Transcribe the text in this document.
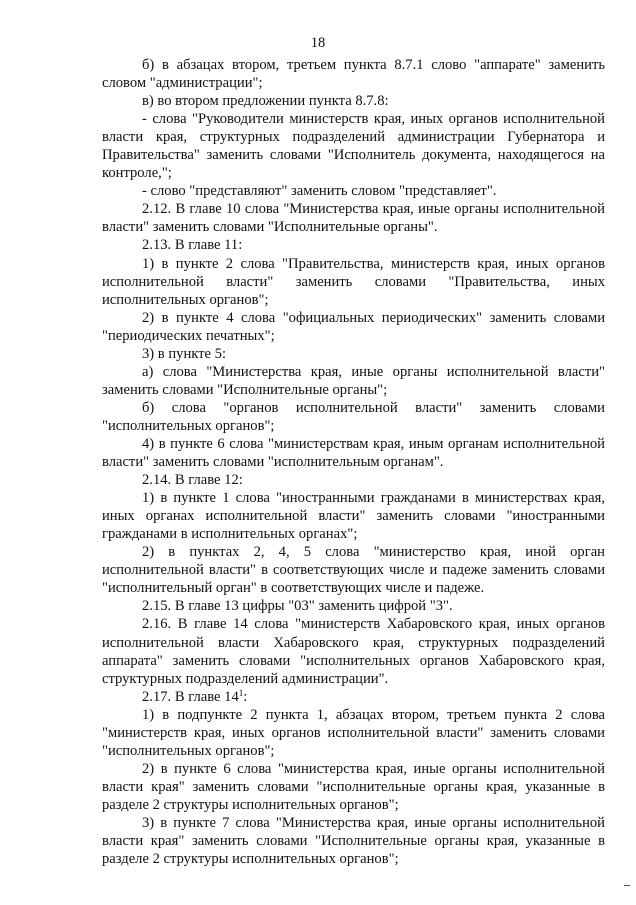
18

б) в абзацах втором, третьем пункта 8.7.1 слово "аппарате" заменить словом "администрации";

в) во втором предложении пункта 8.7.8:

- слова "Руководители министерств края, иных органов исполнительной власти края, структурных подразделений администрации Губернатора и Правительства" заменить словами "Исполнитель документа, находящегося на контроле,";

- слово "представляют" заменить словом "представляет".

2.12. В главе 10 слова "Министерства края, иные органы исполнительной власти" заменить словами "Исполнительные органы".

2.13. В главе 11:

1) в пункте 2 слова "Правительства, министерств края, иных органов исполнительной власти" заменить словами "Правительства, иных исполнительных органов";

2) в пункте 4 слова "официальных периодических" заменить словами "периодических печатных";

3) в пункте 5:

а) слова "Министерства края, иные органы исполнительной власти" заменить словами "Исполнительные органы";

б) слова "органов исполнительной власти" заменить словами "исполнительных органов";

4) в пункте 6 слова "министерствам края, иным органам исполнительной власти" заменить словами "исполнительным органам".

2.14. В главе 12:

1) в пункте 1 слова "иностранными гражданами в министерствах края, иных органах исполнительной власти" заменить словами "иностранными гражданами в исполнительных органах";

2) в пунктах 2, 4, 5 слова "министерство края, иной орган исполнительной власти" в соответствующих числе и падеже заменить словами "исполнительный орган" в соответствующих числе и падеже.

2.15. В главе 13 цифры "03" заменить цифрой "3".

2.16. В главе 14 слова "министерств Хабаровского края, иных органов исполнительной власти Хабаровского края, структурных подразделений аппарата" заменить словами "исполнительных органов Хабаровского края, структурных подразделений администрации".

2.17. В главе $14^1$:

1) в подпункте 2 пункта 1, абзацах втором, третьем пункта 2 слова "министерств края, иных органов исполнительной власти" заменить словами "исполнительных органов";

2) в пункте 6 слова "министерства края, иные органы исполнительной власти края" заменить словами "исполнительные органы края, указанные в разделе 2 структуры исполнительных органов";

3) в пункте 7 слова "Министерства края, иные органы исполнительной власти края" заменить словами "Исполнительные органы края, указанные в разделе 2 структуры исполнительных органов";
